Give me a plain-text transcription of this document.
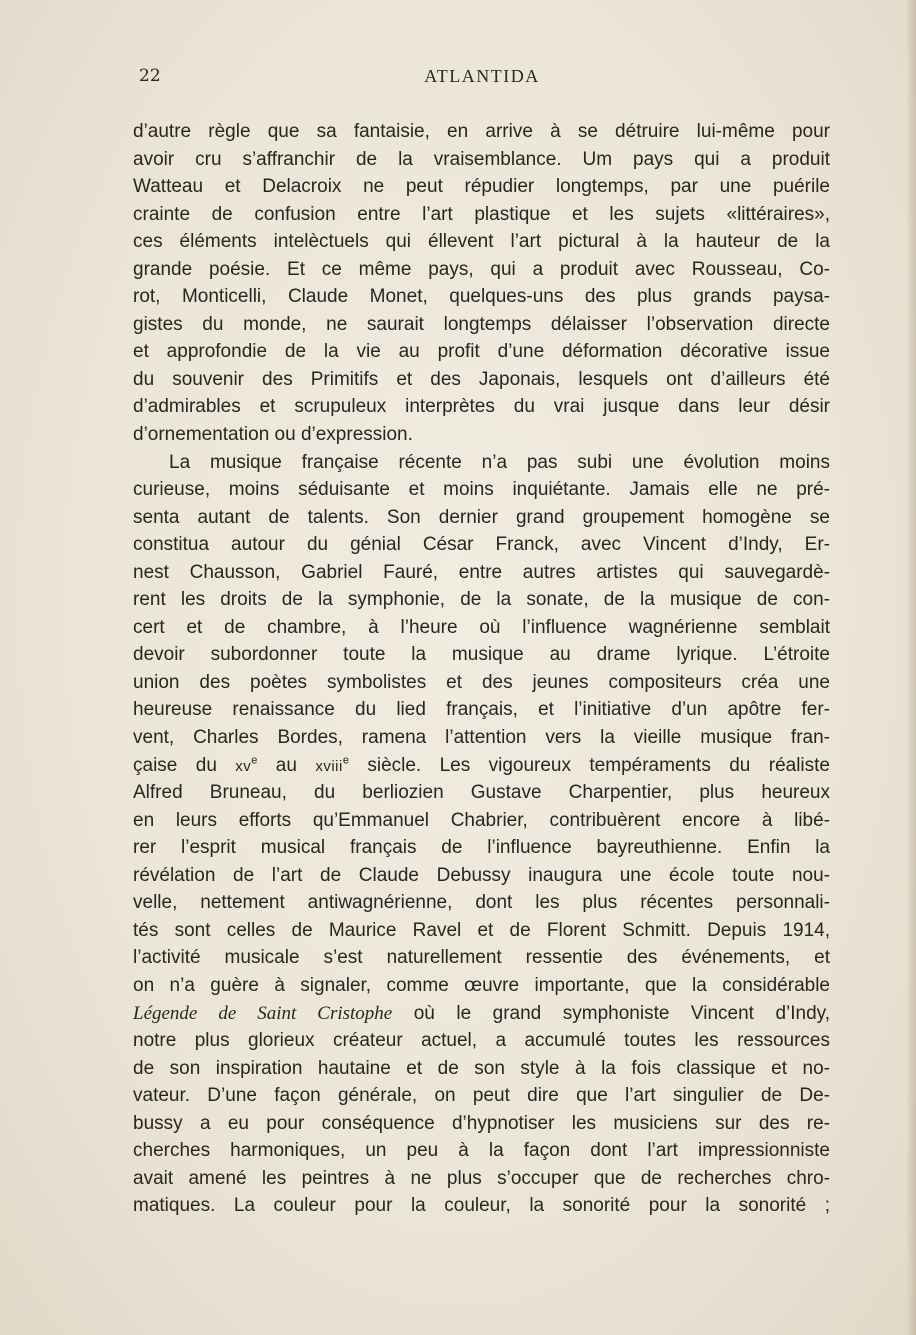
22	ATLANTIDA
d’autre règle que sa fantaisie, en arrive à se détruire lui-même pour
avoir cru s’affranchir de la vraisemblance. Um pays qui a produit
Watteau et Delacroix ne peut répudier longtemps, par une puérile
crainte de confusion entre l’art plastique et les sujets «littéraires»,
ces éléments intelèctuels qui éllevent l’art pictural à la hauteur de la
grande poésie. Et ce même pays, qui a produit avec Rousseau, Co-
rot, Monticelli, Claude Monet, quelques-uns des plus grands paysa-
gistes du monde, ne saurait longtemps délaisser l’observation directe
et approfondie de la vie au profit d’une déformation décorative issue
du souvenir des Primitifs et des Japonais, lesquels ont d’ailleurs été
d’admirables et scrupuleux interprètes du vrai jusque dans leur désir
d’ornementation ou d’expression.
La musique française récente n’a pas subi une évolution moins
curieuse, moins séduisante et moins inquiétante. Jamais elle ne pré-
senta autant de talents. Son dernier grand groupement homogène se
constitua autour du génial César Franck, avec Vincent d’Indy, Er-
nest Chausson, Gabriel Fauré, entre autres artistes qui sauvegardè-
rent les droits de la symphonie, de la sonate, de la musique de con-
cert et de chambre, à l’heure où l’influence wagnérienne semblait
devoir subordonner toute la musique au drame lyrique. L’étroite
union des poètes symbolistes et des jeunes compositeurs créa une
heureuse renaissance du lied français, et l’initiative d’un apôtre fer-
vent, Charles Bordes, ramena l’attention vers la vieille musique fran-
çaise du $xv^e$ au xviii$^e$ siècle. Les vigoureux tempéraments du réaliste
Alfred Bruneau, du berliozien Gustave Charpentier, plus heureux
en leurs efforts qu’Emmanuel Chabrier, contribuèrent encore à libé-
rer l’esprit musical français de l’influence bayreuthienne. Enfin la
révélation de l’art de Claude Debussy inaugura une école toute nou-
velle, nettement antiwagnérienne, dont les plus récentes personnali-
tés sont celles de Maurice Ravel et de Florent Schmitt. Depuis 1914,
l’activité musicale s’est naturellement ressentie des événements, et
on n’a guère à signaler, comme œuvre importante, que la considérable
Légende de Saint Cristophe où le grand symphoniste Vincent d’Indy,
notre plus glorieux créateur actuel, a accumulé toutes les ressources
de son inspiration hautaine et de son style à la fois classique et no-
vateur. D’une façon générale, on peut dire que l’art singulier de De-
bussy a eu pour conséquence d’hypnotiser les musiciens sur des re-
cherches harmoniques, un peu à la façon dont l’art impressionniste
avait amené les peintres à ne plus s’occuper que de recherches chro-
matiques. La couleur pour la couleur, la sonorité pour la sonorité ;
